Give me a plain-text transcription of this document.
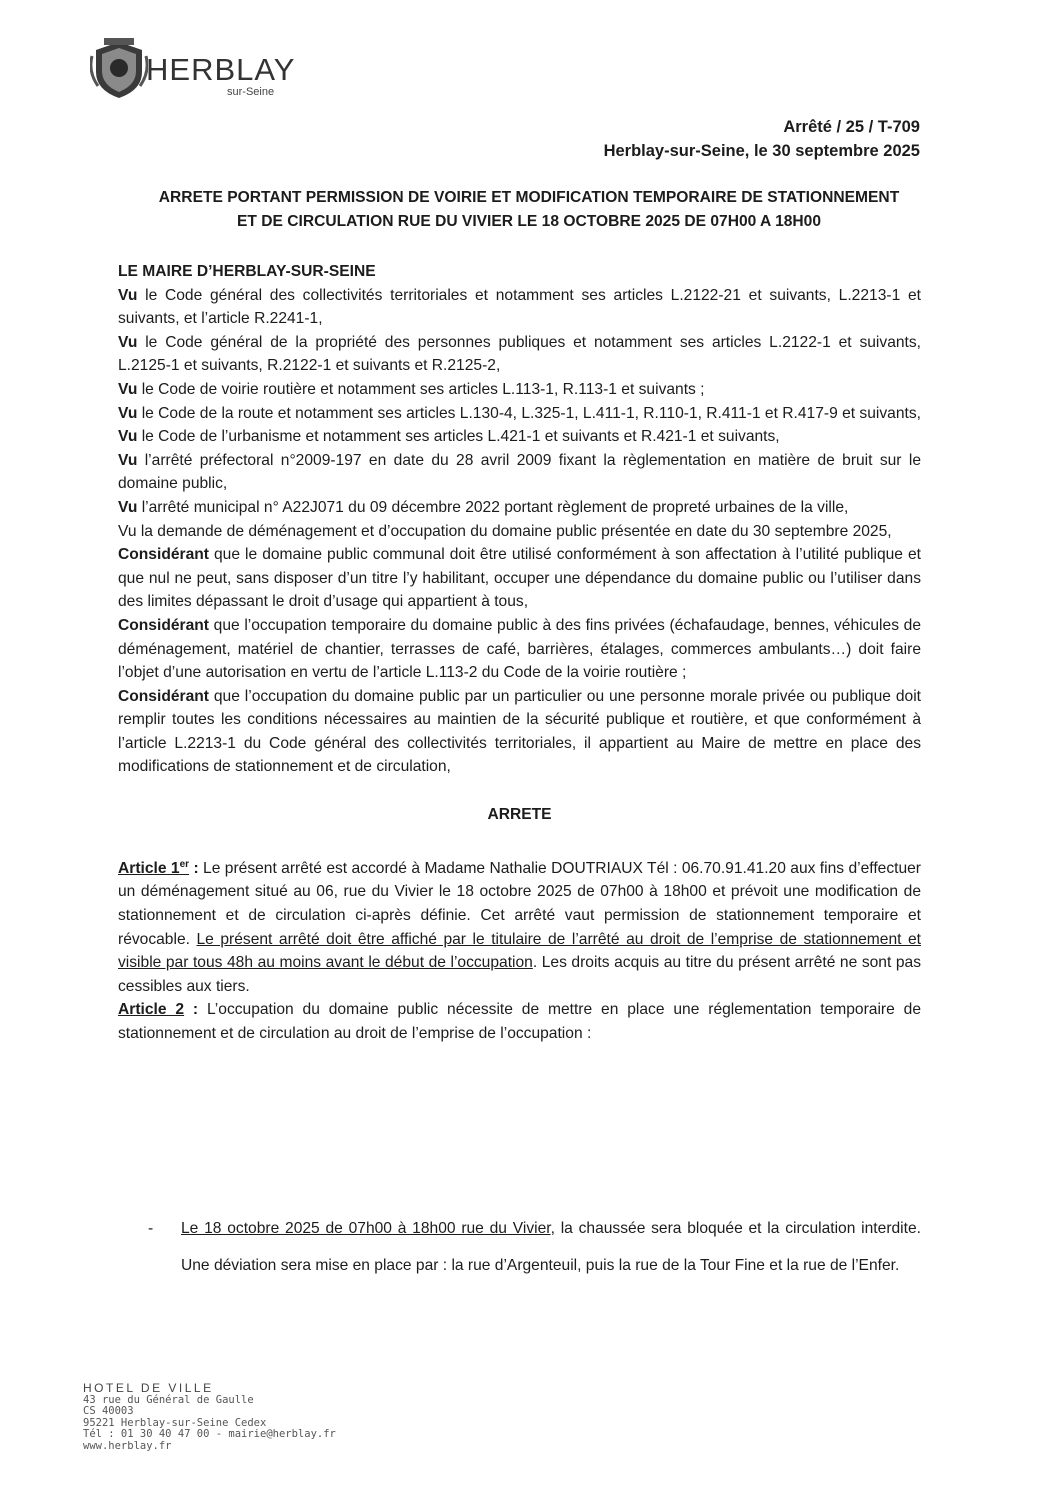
HERBLAY
sur-Seine
Arrêté / 25 / T-709
Herblay-sur-Seine, le 30 septembre 2025
ARRETE PORTANT PERMISSION DE VOIRIE ET MODIFICATION TEMPORAIRE DE STATIONNEMENT
ET DE CIRCULATION RUE DU VIVIER LE 18 OCTOBRE 2025 DE 07H00 A 18H00

LE MAIRE D’HERBLAY-SUR-SEINE

Vu le Code général des collectivités territoriales et notamment ses articles L.2122-21 et suivants, L.2213-1 et suivants, et l’article R.2241-1,

Vu le Code général de la propriété des personnes publiques et notamment ses articles L.2122-1 et suivants, L.2125-1 et suivants, R.2122-1 et suivants et R.2125-2,

Vu le Code de voirie routière et notamment ses articles L.113-1, R.113-1 et suivants ;

Vu le Code de la route et notamment ses articles L.130-4, L.325-1, L.411-1, R.110-1, R.411-1 et R.417-9 et suivants,

Vu le Code de l’urbanisme et notamment ses articles L.421-1 et suivants et R.421-1 et suivants,

Vu l’arrêté préfectoral n°2009-197 en date du 28 avril 2009 fixant la règlementation en matière de bruit sur le domaine public,

Vu l’arrêté municipal n° A22J071 du 09 décembre 2022 portant règlement de propreté urbaines de la ville,

Vu la demande de déménagement et d’occupation du domaine public présentée en date du 30 septembre 2025,

Considérant que le domaine public communal doit être utilisé conformément à son affectation à l’utilité publique et que nul ne peut, sans disposer d’un titre l’y habilitant, occuper une dépendance du domaine public ou l’utiliser dans des limites dépassant le droit d’usage qui appartient à tous,

Considérant que l’occupation temporaire du domaine public à des fins privées (échafaudage, bennes, véhicules de déménagement, matériel de chantier, terrasses de café, barrières, étalages, commerces ambulants…) doit faire l’objet d’une autorisation en vertu de l’article L.113-2 du Code de la voirie routière ;

Considérant que l’occupation du domaine public par un particulier ou une personne morale privée ou publique doit remplir toutes les conditions nécessaires au maintien de la sécurité publique et routière, et que conformément à l’article L.2213-1 du Code général des collectivités territoriales, il appartient au Maire de mettre en place des modifications de stationnement et de circulation,

ARRETE

Article 1er : Le présent arrêté est accordé à Madame Nathalie DOUTRIAUX Tél : 06.70.91.41.20 aux fins d’effectuer un déménagement situé au 06, rue du Vivier le 18 octobre 2025 de 07h00 à 18h00 et prévoit une modification de stationnement et de circulation ci-après définie. Cet arrêté vaut permission de stationnement temporaire et révocable. Le présent arrêté doit être affiché par le titulaire de l’arrêté au droit de l’emprise de stationnement et visible par tous 48h au moins avant le début de l’occupation. Les droits acquis au titre du présent arrêté ne sont pas cessibles aux tiers.

Article 2 : L’occupation du domaine public nécessite de mettre en place une réglementation temporaire de stationnement et de circulation au droit de l’emprise de l’occupation :

- Le 18 octobre 2025 de 07h00 à 18h00 rue du Vivier, la chaussée sera bloquée et la circulation interdite. Une déviation sera mise en place par : la rue d’Argenteuil, puis la rue de la Tour Fine et la rue de l’Enfer.
HOTEL DE VILLE
43 rue du Général de Gaulle
CS 40003
95221 Herblay-sur-Seine Cedex
Tél : 01 30 40 47 00 - mairie@herblay.fr
www.herblay.fr
